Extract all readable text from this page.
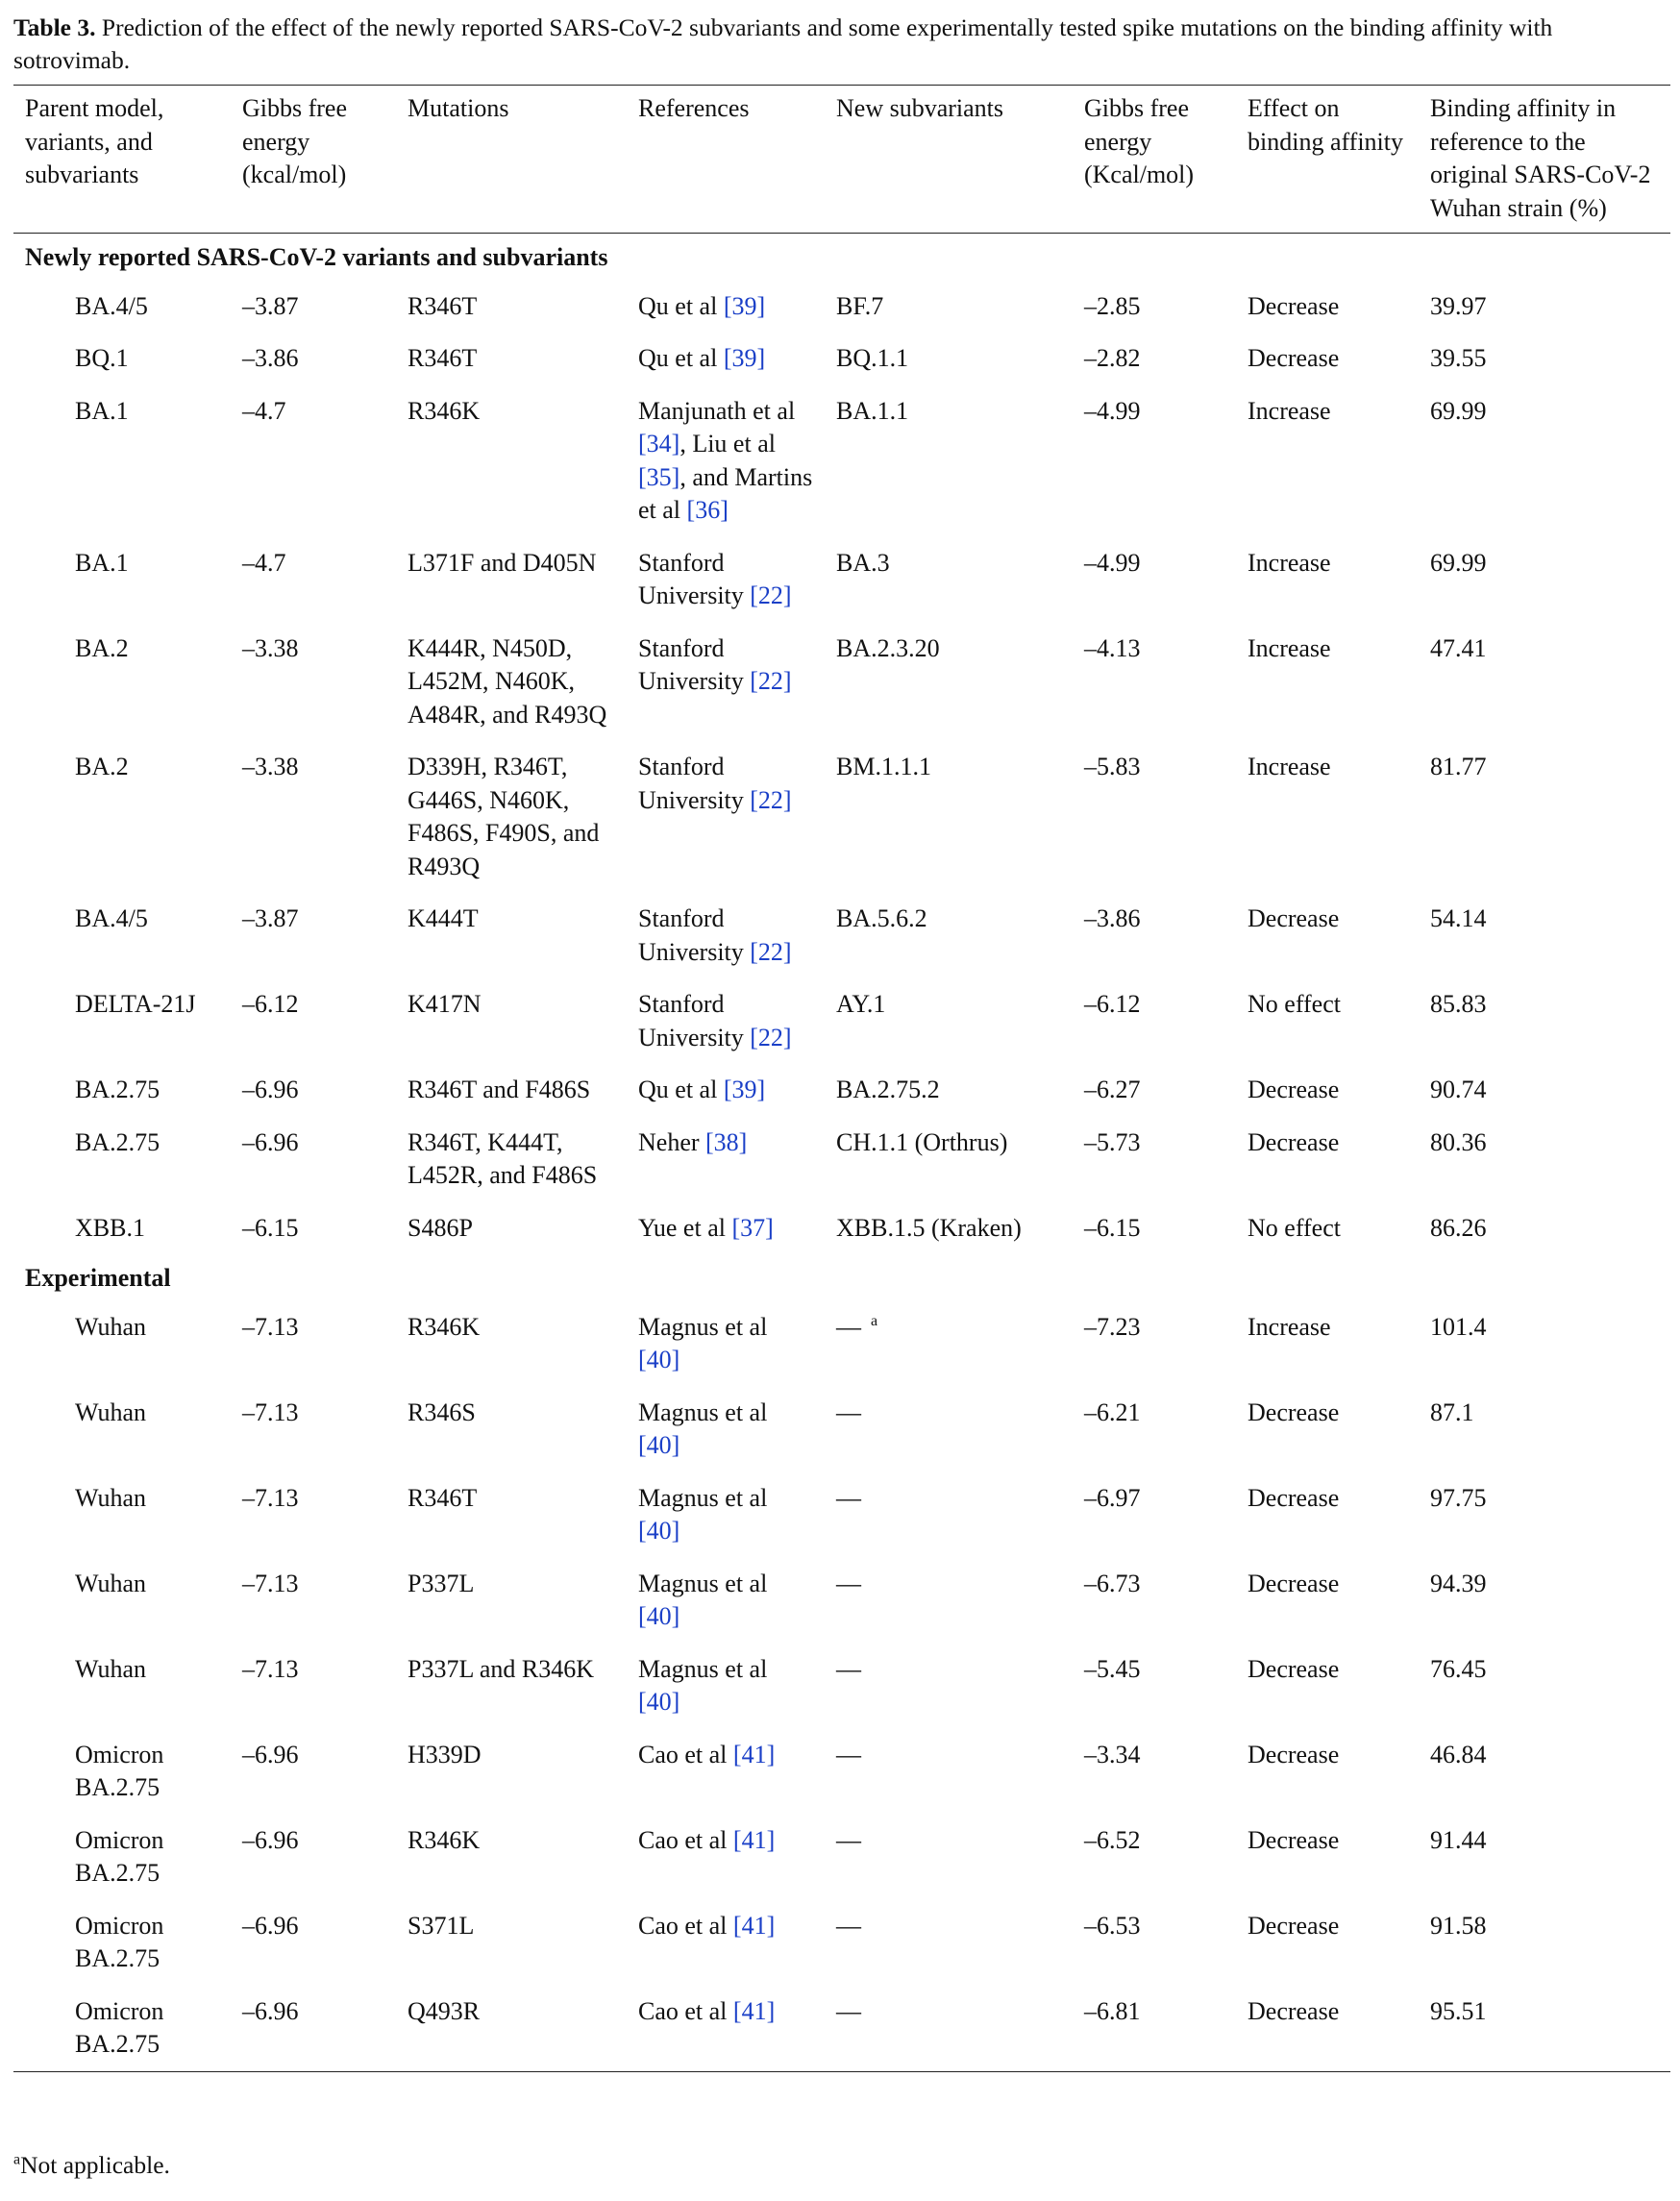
Table 3. Prediction of the effect of the newly reported SARS-CoV-2 subvariants and some experimentally tested spike mutations on the binding affinity with sotrovimab.
Parent model, variants, and subvariants	Gibbs free energy (kcal/mol)	Mutations	References	New subvariants	Gibbs free energy (Kcal/mol)	Effect on binding affinity	Binding affinity in reference to the original SARS-CoV-2 Wuhan strain (%)
Newly reported SARS-CoV-2 variants and subvariants							
BA.4/5	–3.87	R346T	Qu et al [39]	BF.7	–2.85	Decrease	39.97
BQ.1	–3.86	R346T	Qu et al [39]	BQ.1.1	–2.82	Decrease	39.55
BA.1	–4.7	R346K	Manjunath et al [34], Liu et al [35], and Martins et al [36]	BA.1.1	–4.99	Increase	69.99
BA.1	–4.7	L371F and D405N	Stanford University [22]	BA.3	–4.99	Increase	69.99
BA.2	–3.38	K444R, N450D, L452M, N460K, A484R, and R493Q	Stanford University [22]	BA.2.3.20	–4.13	Increase	47.41
BA.2	–3.38	D339H, R346T, G446S, N460K, F486S, F490S, and R493Q	Stanford University [22]	BM.1.1.1	–5.83	Increase	81.77
BA.4/5	–3.87	K444T	Stanford University [22]	BA.5.6.2	–3.86	Decrease	54.14
DELTA-21J	–6.12	K417N	Stanford University [22]	AY.1	–6.12	No effect	85.83
BA.2.75	–6.96	R346T and F486S	Qu et al [39]	BA.2.75.2	–6.27	Decrease	90.74
BA.2.75	–6.96	R346T, K444T, L452R, and F486S	Neher [38]	CH.1.1 (Orthrus)	–5.73	Decrease	80.36
XBB.1	–6.15	S486P	Yue et al [37]	XBB.1.5 (Kraken)	–6.15	No effect	86.26
Experimental							
Wuhan	–7.13	R346K	Magnus et al [40]	— $^a$	–7.23	Increase	101.4
Wuhan	–7.13	R346S	Magnus et al [40]	—	–6.21	Decrease	87.1
Wuhan	–7.13	R346T	Magnus et al [40]	—	–6.97	Decrease	97.75
Wuhan	–7.13	P337L	Magnus et al [40]	—	–6.73	Decrease	94.39
Wuhan	–7.13	P337L and R346K	Magnus et al [40]	—	–5.45	Decrease	76.45
Omicron BA.2.75	–6.96	H339D	Cao et al [41]	—	–3.34	Decrease	46.84
Omicron BA.2.75	–6.96	R346K	Cao et al [41]	—	–6.52	Decrease	91.44
Omicron BA.2.75	–6.96	S371L	Cao et al [41]	—	–6.53	Decrease	91.58
Omicron BA.2.75	–6.96	Q493R	Cao et al [41]	—	–6.81	Decrease	95.51
$^a$Not applicable.
